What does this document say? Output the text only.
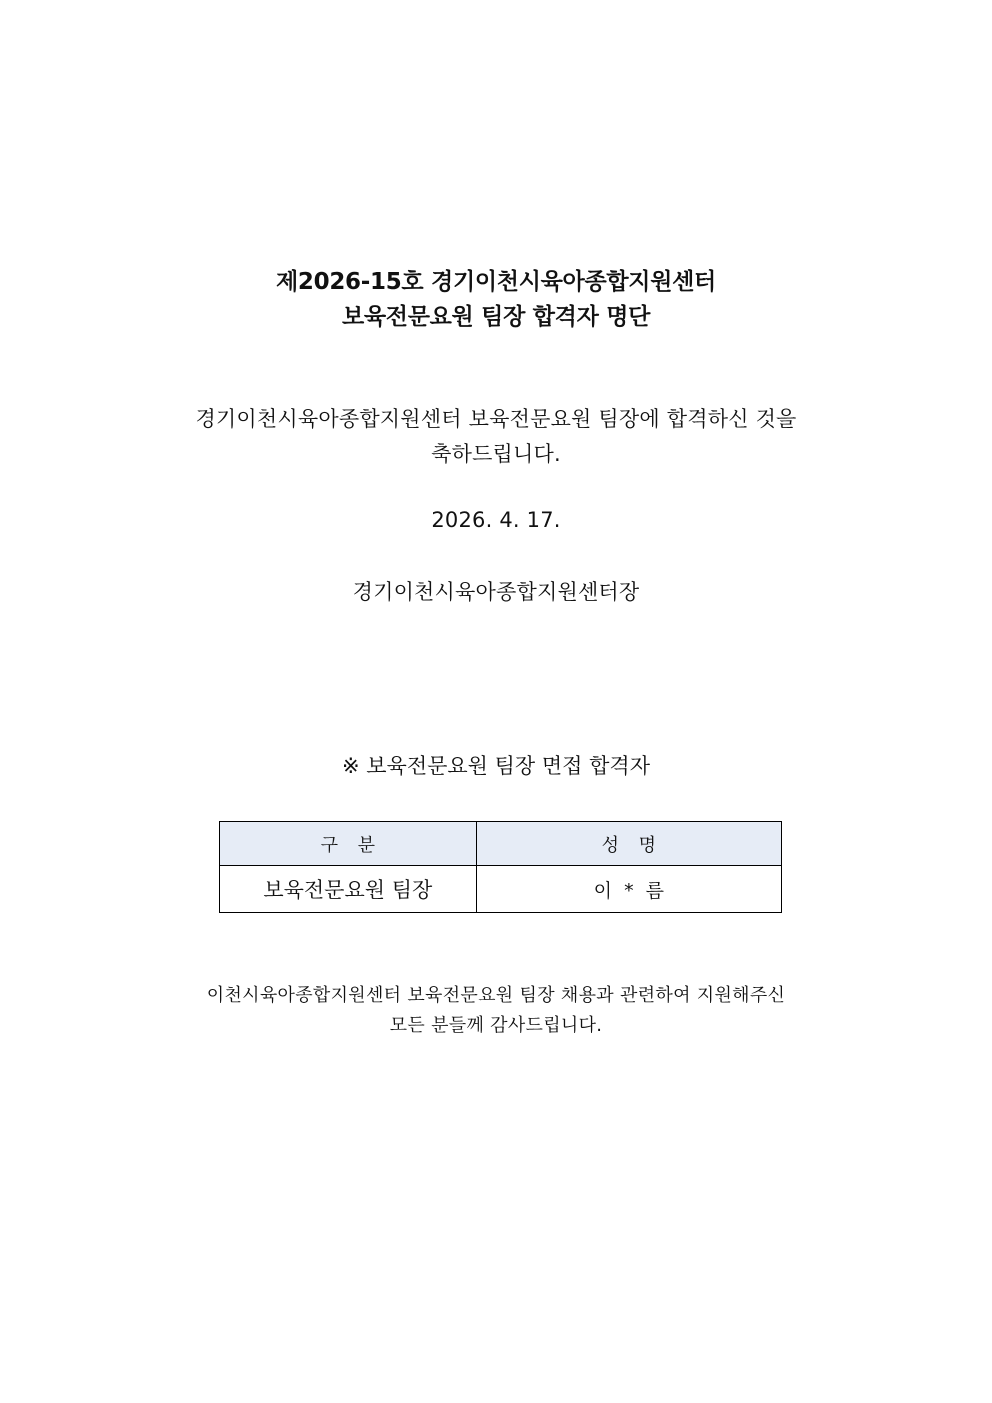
제2026-15호 경기이천시육아종합지원센터
보육전문요원 팀장 합격자 명단
경기이천시육아종합지원센터 보육전문요원 팀장에 합격하신 것을
축하드립니다.
2026. 4. 17.
경기이천시육아종합지원센터장
※ 보육전문요원 팀장 면접 합격자
구 분	성 명
보육전문요원 팀장	이 * 름
이천시육아종합지원센터 보육전문요원 팀장 채용과 관련하여 지원해주신
모든 분들께 감사드립니다.
